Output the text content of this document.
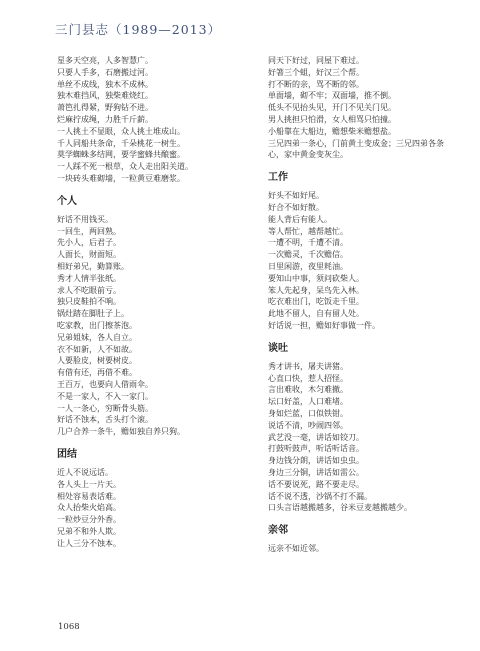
三门县志（1989—2013）
星多天空亮，人多智慧广。
只要人手多，石磨搬过河。
单丝不成线，独木不成林。
独木难挡风，独柴难烧红。
萧笆扎得紧，野狗钻不进。
烂麻拧成绳，力胜千斤薪。
一人挑土不显眼，众人挑土堆成山。
千人同船共条命，千朵桃花一树生。
莫学蜘蛛多结网，要学蜜蜂共酿蜜。
一人踩不死一根草，众人走出阳关道。
一块砖头难砌墙，一粒黄豆难磨浆。
个人
好话不用钱买。
一回生，两回熟。
先小人，后君子。
人面长，财面短。
相好弟兄，勤算账。
秀才人情半张纸。
求人不吃眼前亏。
独只皮鞋拍不响。
锅灶踏在脚肚子上。
吃家教，出门擦茶泡。
兄弟姐妹，各人自立。
衣不如新，人不如故。
人要脸皮，树要树皮。
有借有还，再借不难。
王百万，也要向人借雨伞。
不是一家人，不入一家门。
一人一条心，穷断骨头筋。
好话不蚀本，舌头打个滚。
几户合养一条牛，赡如独自养只狗。
团结
近人不说远话。
各人头上一片天。
相处容易表话难。
众人抬柴火焰高。
一粒炒豆分外香。
兄弟不和外人欺。
让人三分不蚀本。
同天下好过，同屋下难过。
好箸三个蛆，好汉三个帮。
打不断的亲，骂不断的邻。
单面墙，砌不牢；双面墙，推不倒。
低头不见抬头见，开门不见关门见。
男人挑担只怕滑，女人相骂只怕撞。
小船靠在大船边，赡想柴米赡想盐。
三兄四弟一条心，门前黄土变成金；三兄四弟各条心，家中黄金变灰尘。
工作
好头不如好尾。
好合不如好散。
能人背后有能人。
等人帮忙，越帮越忙。
一遭不明，千遭不清。
一次赡灵，千次赡信。
日里闲游，夜里耗油。
要知山中事，须问砍柴人。
笨人先起身，呆鸟先入林。
吃衣难出门，吃饭走千里。
此地不留人，自有留人处。
好话说一担，赡如好事做一件。
谈吐
秀才讲书，屠夫讲猪。
心直口快，惹人招怪。
言出难收，木匀难撤。
坛口好盖，人口难堵。
身如烂蓝，口似铁钳。
说话不清，吵闹四邻。
武艺没一毫，讲话如铰刀。
打鼓听鼓声，听话听话音。
身边钱分朗，讲话如虫虫。
身边三分铜，讲话如雷公。
话不要说死，路不要走尽。
话不说不透，沙锅不打不漏。
口头言语越搬越多，谷米豆麦越搬越少。
亲邻
远亲不如近邻。
1068
